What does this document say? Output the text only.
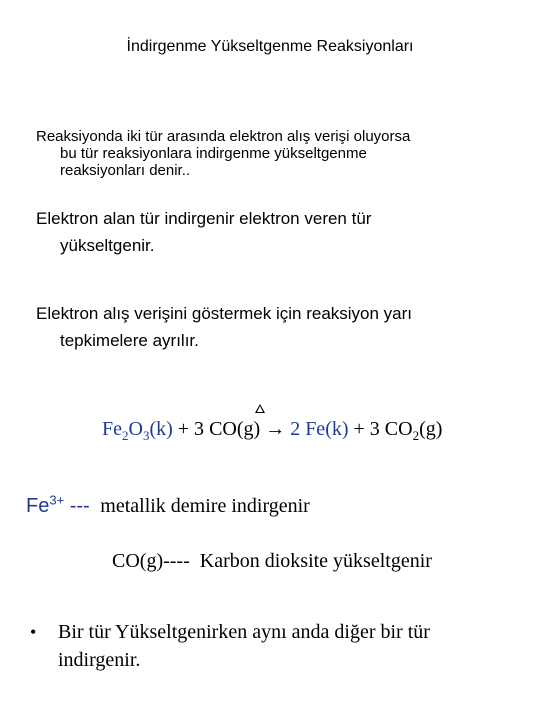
İndirgenme Yükseltgenme Reaksiyonları
Reaksiyonda iki tür arasında elektron alış verişi oluyorsa
bu tür reaksiyonlara indirgenme yükseltgenme
reaksiyonları denir..
Elektron alan tür indirgenir elektron veren tür
yükseltgenir.
Elektron alış verişini göstermek için reaksiyon yarı
tepkimelere ayrılır.
$Fe_2O_3(k) + 3$ CO(g) → 2 Fe(k) + 3 $CO_2(g)$
$Fe^{3+}$ ---  metallik demire indirgenir
CO(g)----  Karbon dioksite yükseltgenir
•	Bir tür Yükseltgenirken aynı anda diğer bir tür
indirgenir.
